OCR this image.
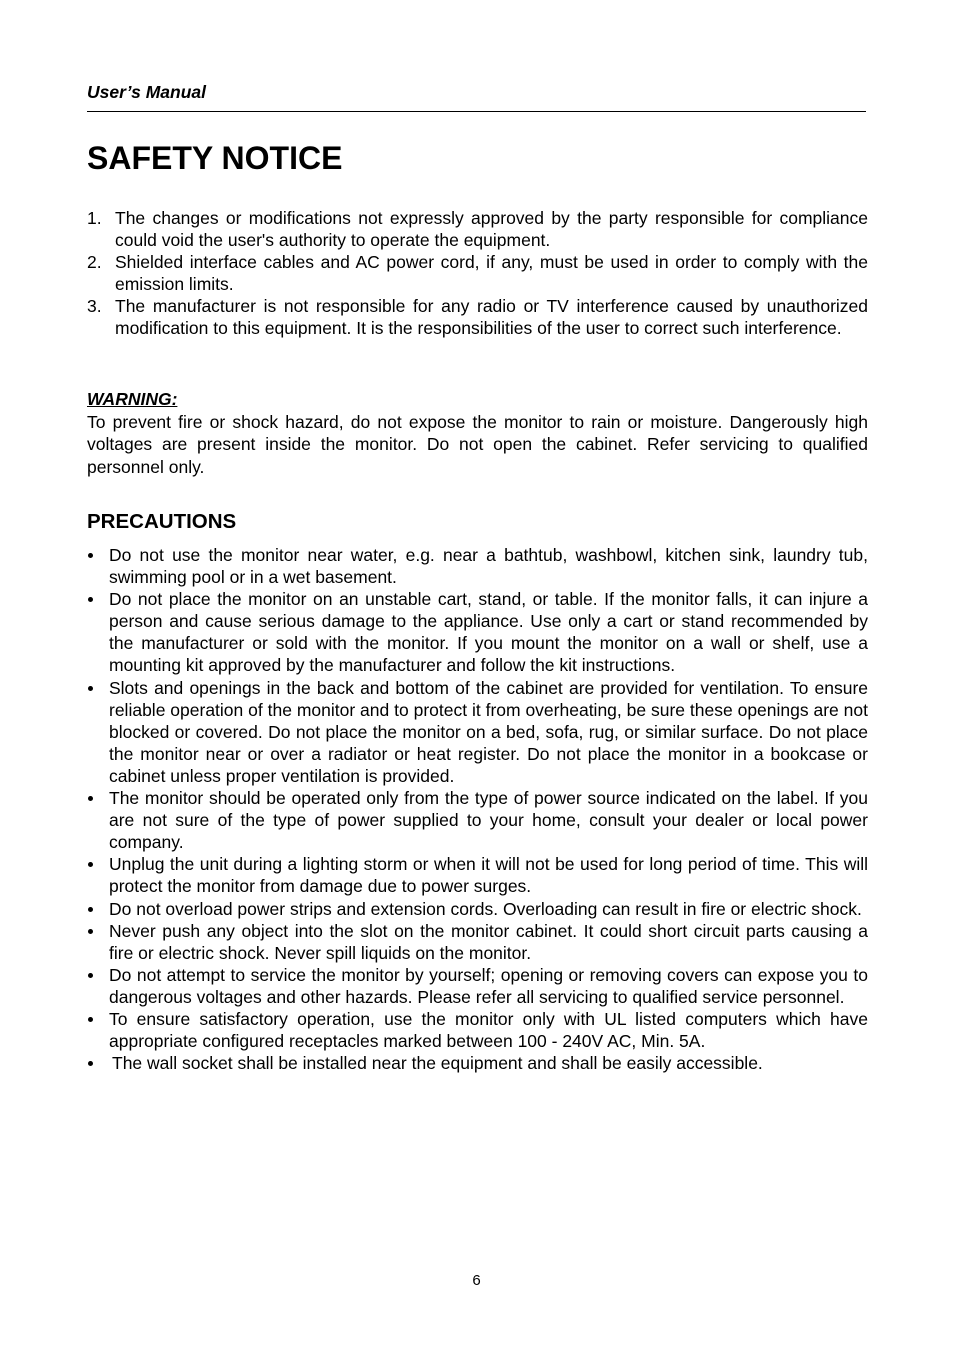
User’s Manual
SAFETY NOTICE
1. The changes or modifications not expressly approved by the party responsible for compliance could void the user's authority to operate the equipment.
2. Shielded interface cables and AC power cord, if any, must be used in order to comply with the emission limits.
3. The manufacturer is not responsible for any radio or TV interference caused by unauthorized modification to this equipment. It is the responsibilities of the user to correct such interference.
WARNING:
To prevent fire or shock hazard, do not expose the monitor to rain or moisture. Dangerously high voltages are present inside the monitor. Do not open the cabinet. Refer servicing to qualified personnel only.
PRECAUTIONS
Do not use the monitor near water, e.g. near a bathtub, washbowl, kitchen sink, laundry tub, swimming pool or in a wet basement.
Do not place the monitor on an unstable cart, stand, or table. If the monitor falls, it can injure a person and cause serious damage to the appliance. Use only a cart or stand recommended by the manufacturer or sold with the monitor. If you mount the monitor on a wall or shelf, use a mounting kit approved by the manufacturer and follow the kit instructions.
Slots and openings in the back and bottom of the cabinet are provided for ventilation. To ensure reliable operation of the monitor and to protect it from overheating, be sure these openings are not blocked or covered. Do not place the monitor on a bed, sofa, rug, or similar surface. Do not place the monitor near or over a radiator or heat register. Do not place the monitor in a bookcase or cabinet unless proper ventilation is provided.
The monitor should be operated only from the type of power source indicated on the label. If you are not sure of the type of power supplied to your home, consult your dealer or local power company.
Unplug the unit during a lighting storm or when it will not be used for long period of time. This will protect the monitor from damage due to power surges.
Do not overload power strips and extension cords. Overloading can result in fire or electric shock.
Never push any object into the slot on the monitor cabinet. It could short circuit parts causing a fire or electric shock. Never spill liquids on the monitor.
Do not attempt to service the monitor by yourself; opening or removing covers can expose you to dangerous voltages and other hazards. Please refer all servicing to qualified service personnel.
To ensure satisfactory operation, use the monitor only with UL listed computers which have appropriate configured receptacles marked between 100 - 240V AC, Min. 5A.
The wall socket shall be installed near the equipment and shall be easily accessible.
6
